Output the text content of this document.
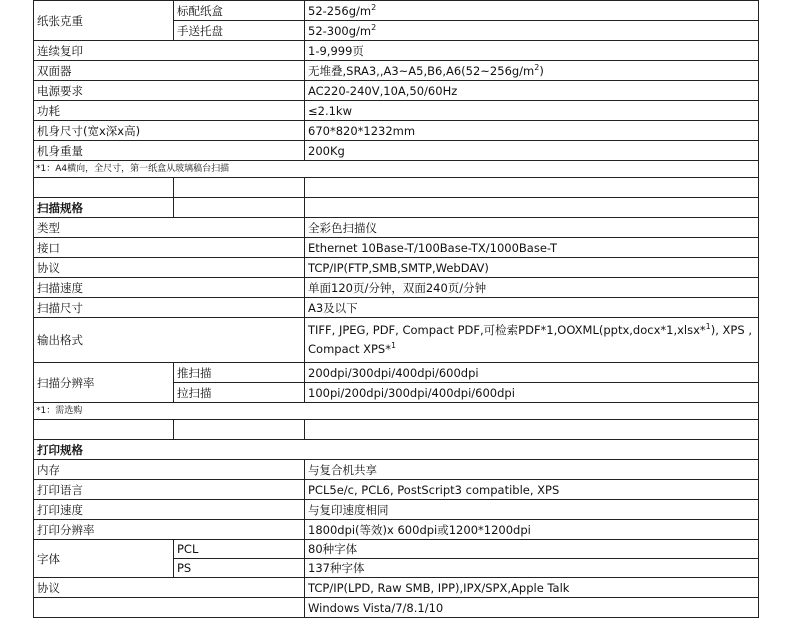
纸张克重	标配纸盒	$52-256g/m^2$
	手送托盘	$52-300g/m^2$
连续复印		1-9,999页
双面器		无堆叠$,SRA3,,A3\sim A5,B6,A6(52\sim 256g/m^2)$
电源要求		AC220-240V,10A,50/60Hz
功耗		≤2.1kw
机身尺寸(宽x深x高)		670*820*1232mm
机身重量		200Kg
*1：A4横向，全尺寸，第一纸盒从玻璃稿台扫描		

扫描规格		
类型		全彩色扫描仪
接口		Ethernet 10Base-T/100Base-TX/1000Base-T
协议		TCP/IP(FTP,SMB,SMTP,WebDAV)
扫描速度		单面120页/分钟，双面240页/分钟
扫描尺寸		A3及以下
输出格式		TIFF, JPEG, PDF, Compact PDF,可检索PDF*1,OOXML(pptx,docx*1,xlsx*$^1$), XPS ,
Compact XPS*$^1$
扫描分辨率	推扫描	200dpi/300dpi/400dpi/600dpi
	拉扫描	100pi/200dpi/300dpi/400dpi/600dpi
*1：需选购		

打印规格		
内存		与复合机共享
打印语言		PCL5e/c, PCL6, PostScript3 compatible, XPS
打印速度		与复印速度相同
打印分辨率		1800dpi(等效)x 600dpi或1200*1200dpi
字体	PCL	80种字体
	PS	137种字体
协议		TCP/IP(LPD, Raw SMB, IPP),IPX/SPX,Apple Talk
		Windows Vista/7/8.1/10
